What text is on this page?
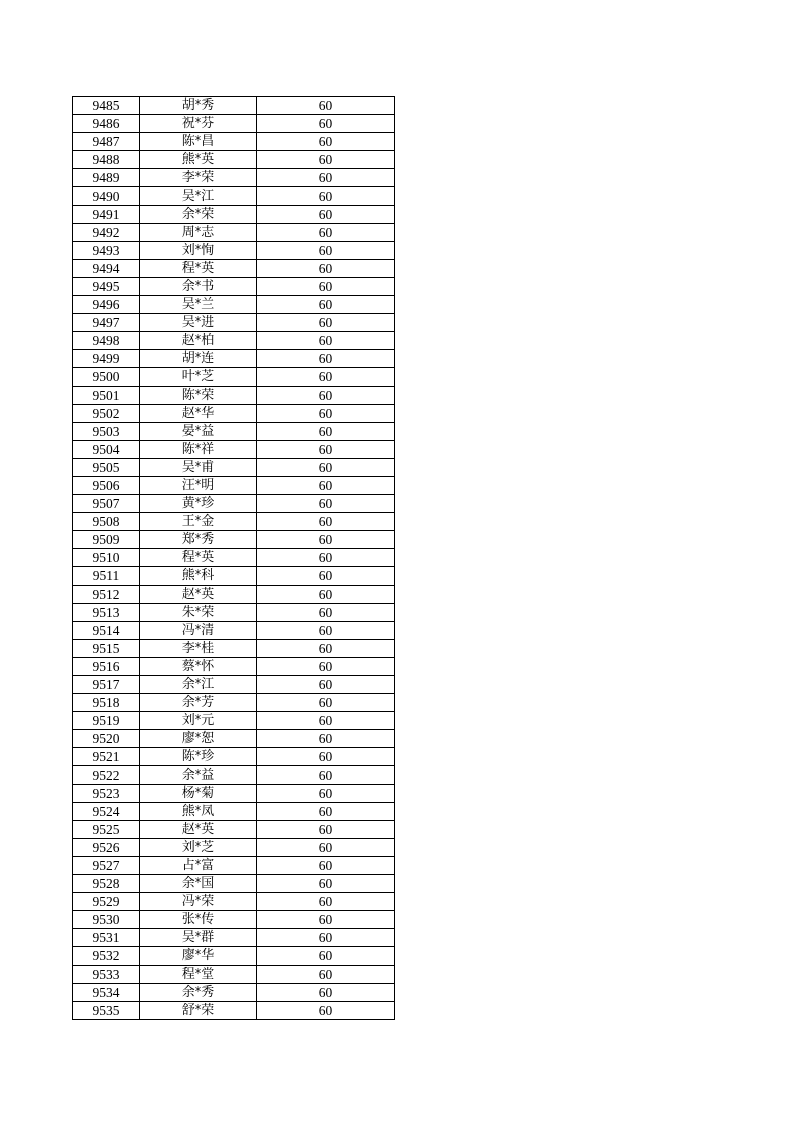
9485	胡*秀	60
9486	祝*芬	60
9487	陈*昌	60
9488	熊*英	60
9489	李*荣	60
9490	吴*江	60
9491	余*荣	60
9492	周*志	60
9493	刘*恂	60
9494	程*英	60
9495	余*书	60
9496	吴*兰	60
9497	吴*进	60
9498	赵*柏	60
9499	胡*连	60
9500	叶*芝	60
9501	陈*荣	60
9502	赵*华	60
9503	晏*益	60
9504	陈*祥	60
9505	吴*甫	60
9506	汪*明	60
9507	黄*珍	60
9508	王*金	60
9509	郑*秀	60
9510	程*英	60
9511	熊*科	60
9512	赵*英	60
9513	朱*荣	60
9514	冯*清	60
9515	李*桂	60
9516	蔡*怀	60
9517	余*江	60
9518	余*芳	60
9519	刘*元	60
9520	廖*恕	60
9521	陈*珍	60
9522	余*益	60
9523	杨*菊	60
9524	熊*凤	60
9525	赵*英	60
9526	刘*芝	60
9527	占*富	60
9528	余*国	60
9529	冯*荣	60
9530	张*传	60
9531	吴*群	60
9532	廖*华	60
9533	程*堂	60
9534	余*秀	60
9535	舒*荣	60
